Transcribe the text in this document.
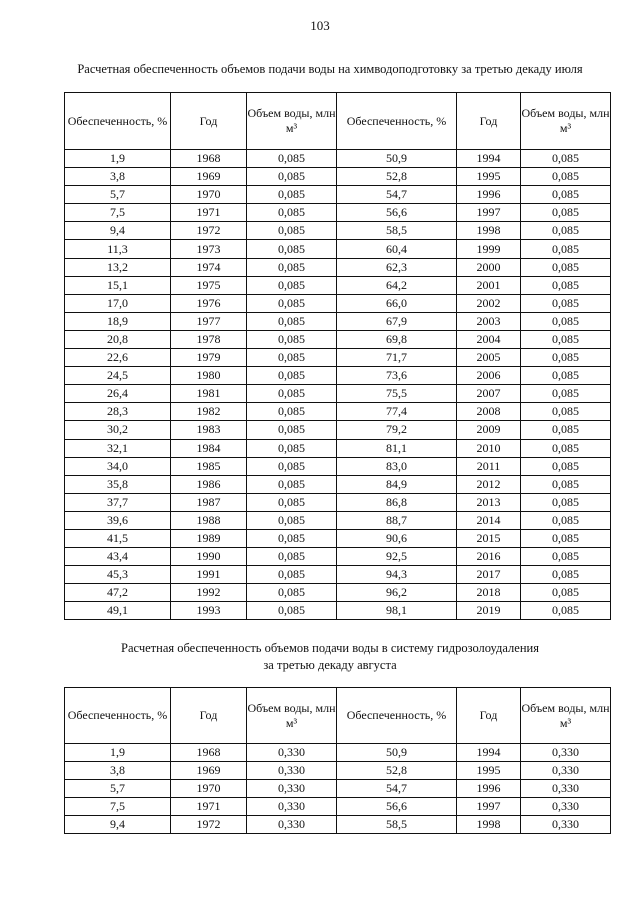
103
Расчетная обеспеченность объемов подачи воды на химводоподготовку за третью декаду июля
Обеспеченность, %	Год	Объем воды, млн м³	Обеспеченность, %	Год	Объем воды, млн м³
1,9	1968	0,085	50,9	1994	0,085
3,8	1969	0,085	52,8	1995	0,085
5,7	1970	0,085	54,7	1996	0,085
7,5	1971	0,085	56,6	1997	0,085
9,4	1972	0,085	58,5	1998	0,085
11,3	1973	0,085	60,4	1999	0,085
13,2	1974	0,085	62,3	2000	0,085
15,1	1975	0,085	64,2	2001	0,085
17,0	1976	0,085	66,0	2002	0,085
18,9	1977	0,085	67,9	2003	0,085
20,8	1978	0,085	69,8	2004	0,085
22,6	1979	0,085	71,7	2005	0,085
24,5	1980	0,085	73,6	2006	0,085
26,4	1981	0,085	75,5	2007	0,085
28,3	1982	0,085	77,4	2008	0,085
30,2	1983	0,085	79,2	2009	0,085
32,1	1984	0,085	81,1	2010	0,085
34,0	1985	0,085	83,0	2011	0,085
35,8	1986	0,085	84,9	2012	0,085
37,7	1987	0,085	86,8	2013	0,085
39,6	1988	0,085	88,7	2014	0,085
41,5	1989	0,085	90,6	2015	0,085
43,4	1990	0,085	92,5	2016	0,085
45,3	1991	0,085	94,3	2017	0,085
47,2	1992	0,085	96,2	2018	0,085
49,1	1993	0,085	98,1	2019	0,085
Расчетная обеспеченность объемов подачи воды в систему гидрозолоудаления
за третью декаду августа
Обеспеченность, %	Год	Объем воды, млн м³	Обеспеченность, %	Год	Объем воды, млн м³
1,9	1968	0,330	50,9	1994	0,330
3,8	1969	0,330	52,8	1995	0,330
5,7	1970	0,330	54,7	1996	0,330
7,5	1971	0,330	56,6	1997	0,330
9,4	1972	0,330	58,5	1998	0,330
